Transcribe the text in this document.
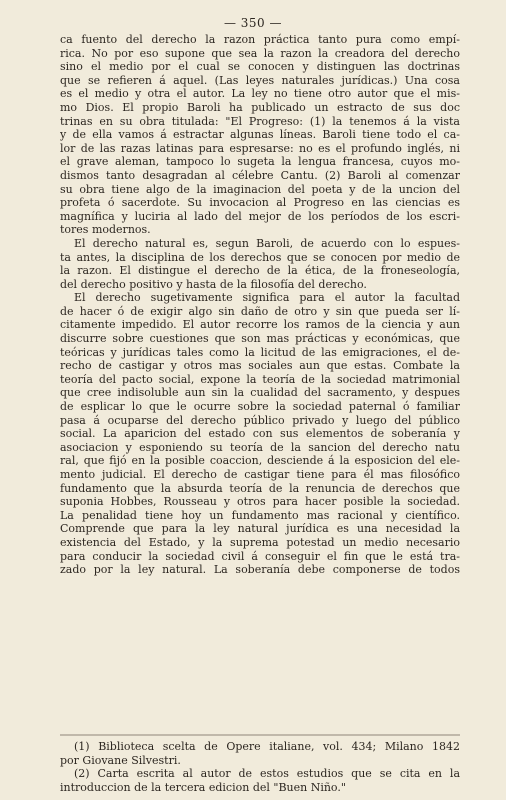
— 350 —
ca fuento del derecho la razon práctica tanto pura como empí-
rica. No por eso supone que sea la razon la creadora del derecho
sino el medio por el cual se conocen y distinguen las doctrinas
que se refieren á aquel. (Las leyes naturales jurídicas.) Una cosa
es el medio y otra el autor. La ley no tiene otro autor que el mis-
mo Dios. El propio Baroli ha publicado un estracto de sus doc
trinas en su obra titulada: "El Progreso: (1) la tenemos á la vista
y de ella vamos á estractar algunas líneas. Baroli tiene todo el ca-
lor de las razas latinas para espresarse: no es el profundo inglés, ni
el grave aleman, tampoco lo sugeta la lengua francesa, cuyos mo-
dismos tanto desagradan al célebre Cantu. (2) Baroli al comenzar
su obra tiene algo de la imaginacion del poeta y de la uncion del
profeta ó sacerdote. Su invocacion al Progreso en las ciencias es
magnífica y luciria al lado del mejor de los períodos de los escri-
tores modernos.
El derecho natural es, segun Baroli, de acuerdo con lo espues-
ta antes, la disciplina de los derechos que se conocen por medio de
la razon. El distingue el derecho de la ética, de la froneseología,
del derecho positivo y hasta de la filosofía del derecho.
El derecho sugetivamente significa para el autor la facultad
de hacer ó de exigir algo sin daño de otro y sin que pueda ser lí-
citamente impedido. El autor recorre los ramos de la ciencia y aun
discurre sobre cuestiones que son mas prácticas y económicas, que
teóricas y jurídicas tales como la licitud de las emigraciones, el de-
recho de castigar y otros mas sociales aun que estas. Combate la
teoría del pacto social, expone la teoría de la sociedad matrimonial
que cree indisoluble aun sin la cualidad del sacramento, y despues
de esplicar lo que le ocurre sobre la sociedad paternal ó familiar
pasa á ocuparse del derecho público privado y luego del público
social. La aparicion del estado con sus elementos de soberanía y
asociacion y esponiendo su teoría de la sancion del derecho natu
ral, que fijó en la posible coaccion, desciende á la esposicion del ele-
mento judicial. El derecho de castigar tiene para él mas filosófico
fundamento que la absurda teoría de la renuncia de derechos que
suponia Hobbes, Rousseau y otros para hacer posible la sociedad.
La penalidad tiene hoy un fundamento mas racional y científico.
Comprende que para la ley natural jurídica es una necesidad la
existencia del Estado, y la suprema potestad un medio necesario
para conducir la sociedad civil á conseguir el fin que le está tra-
zado por la ley natural. La soberanía debe componerse de todos
(1) Biblioteca scelta de Opere italiane, vol. 434; Milano 1842
por Giovane Silvestri.
(2) Carta escrita al autor de estos estudios que se cita en la
introduccion de la tercera edicion del "Buen Niño."
